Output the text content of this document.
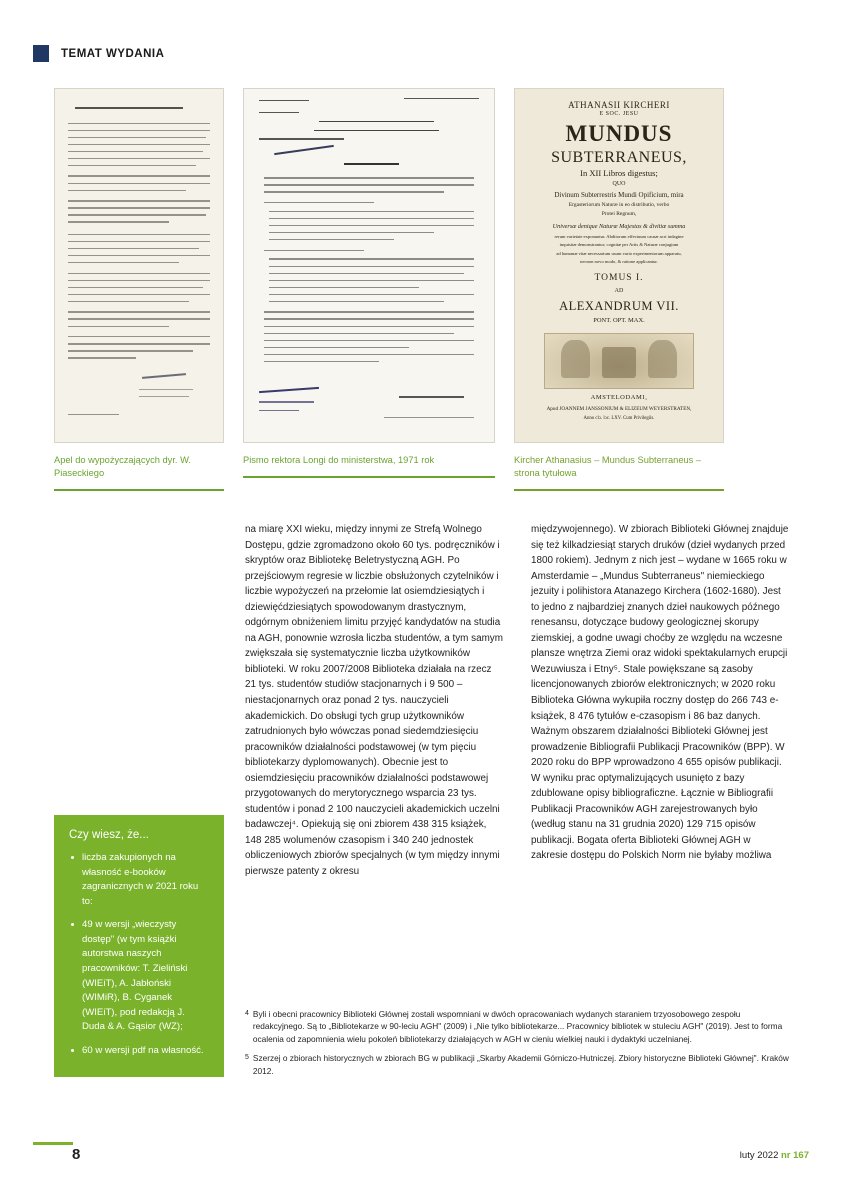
TEMAT WYDANIA
Apel do wypożyczających dyr. W. Piaseckiego
Pismo rektora Longi do ministerstwa, 1971 rok
ATHANASII KIRCHERI
E SOC. JESU
MUNDUS
SUBTERRANEUS,
In XII Libros digestus;
QUO
Divinum Subterrestris Mundi Opificium, mira
Ergasteriorum Naturæ in eo distributio, verbo
Protei Regnum,
Universæ denique Naturæ Majestas & divitiæ summa
rerum varietate exponuntur. Abditorum effectuum causæ acri indagine
inquisitæ demonstrantur; cognitæ per Artis & Naturæ conjugium
ad humanæ vitæ necessarium usum vario experimentorum apparatu,
necnon novo modo, & ratione applicantur.
TOMUS I.
AD
ALEXANDRUM VII.
PONT. OPT. MAX.
AMSTELODAMI,
Apud JOANNEM JANSSONIUM & ELIZEUM WEYERSTRATEN,
Anno clɔ. lɔc. LXV. Cum Privilegiis.
Kircher Athanasius – Mundus Subterraneus – strona tytułowa
Czy wiesz, że...
liczba zakupionych na własność e-booków zagranicznych w 2021 roku to:
49 w wersji „wieczysty dostęp" (w tym książki autorstwa naszych pracowników: T. Zieliński (WIEiT), A. Jabłoński (WIMiR), B. Cyganek (WIEiT), pod redakcją J. Duda & A. Gąsior (WZ);
60 w wersji pdf na własność.

na miarę XXI wieku, między innymi ze Strefą Wolnego Dostępu, gdzie zgromadzono około 60 tys. podręczników i skryptów oraz Bibliotekę Beletrystyczną AGH. Po przejściowym regresie w liczbie obsłużonych czytelników i liczbie wypożyczeń na przełomie lat osiemdziesiątych i dziewięćdziesiątych spowodowanym drastycznym, odgórnym obniżeniem limitu przyjęć kandydatów na studia na AGH, ponownie wzrosła liczba studentów, a tym samym zwiększała się systematycznie liczba użytkowników biblioteki. W roku 2007/2008 Biblioteka działała na rzecz 21 tys. studentów studiów stacjonarnych i 9 500 – niestacjonarnych oraz ponad 2 tys. nauczycieli akademickich. Do obsługi tych grup użytkowników zatrudnionych było wówczas ponad siedemdziesięciu pracowników działalności podstawowej (w tym pięciu bibliotekarzy dyplomowanych). Obecnie jest to osiemdziesięciu pracowników działalności podstawowej przygotowanych do merytorycznego wsparcia 23 tys. studentów i ponad 2 100 nauczycieli akademickich uczelni badawczej⁴. Opiekują się oni zbiorem 438 315 książek, 148 285 wolumenów czasopism i 340 240 jednostek obliczeniowych zbiorów specjalnych (w tym między innymi pierwsze patenty z okresu

międzywojennego). W zbiorach Biblioteki Głównej znajduje się też kilkadziesiąt starych druków (dzieł wydanych przed 1800 rokiem). Jednym z nich jest – wydane w 1665 roku w Amsterdamie – „Mundus Subterraneus" niemieckiego jezuity i polihistora Atanazego Kirchera (1602-1680). Jest to jedno z najbardziej znanych dzieł naukowych późnego renesansu, dotyczące budowy geologicznej skorupy ziemskiej, a godne uwagi choćby ze względu na wczesne plansze wnętrza Ziemi oraz widoki spektakularnych erupcji Wezuwiusza i Etny⁵. Stale powiększane są zasoby licencjonowanych zbiorów elektronicznych; w 2020 roku Biblioteka Główna wykupiła roczny dostęp do 266 743 e-książek, 8 476 tytułów e-czasopism i 86 baz danych. Ważnym obszarem działalności Biblioteki Głównej jest prowadzenie Bibliografii Publikacji Pracowników (BPP). W 2020 roku do BPP wprowadzono 4 655 opisów publikacji. W wyniku prac optymalizujących usunięto z bazy zdublowane opisy bibliograficzne. Łącznie w Bibliografii Publikacji Pracowników AGH zarejestrowanych było (według stanu na 31 grudnia 2020) 129 715 opisów publikacji. Bogata oferta Biblioteki Głównej AGH w zakresie dostępu do Polskich Norm nie byłaby możliwa

4 Byli i obecni pracownicy Biblioteki Głównej zostali wspomniani w dwóch opracowaniach wydanych staraniem trzyosobowego zespołu redakcyjnego. Są to „Bibliotekarze w 90-leciu AGH" (2009) i „Nie tylko bibliotekarze... Pracownicy bibliotek w stuleciu AGH" (2019). Jest to forma ocalenia od zapomnienia wielu pokoleń bibliotekarzy działających w AGH w cieniu wielkiej nauki i dydaktyki uczelnianej.
5 Szerzej o zbiorach historycznych w zbiorach BG w publikacji „Skarby Akademii Górniczo-Hutniczej. Zbiory historyczne Biblioteki Głównej". Kraków 2012.
8	luty 2022 nr 167
